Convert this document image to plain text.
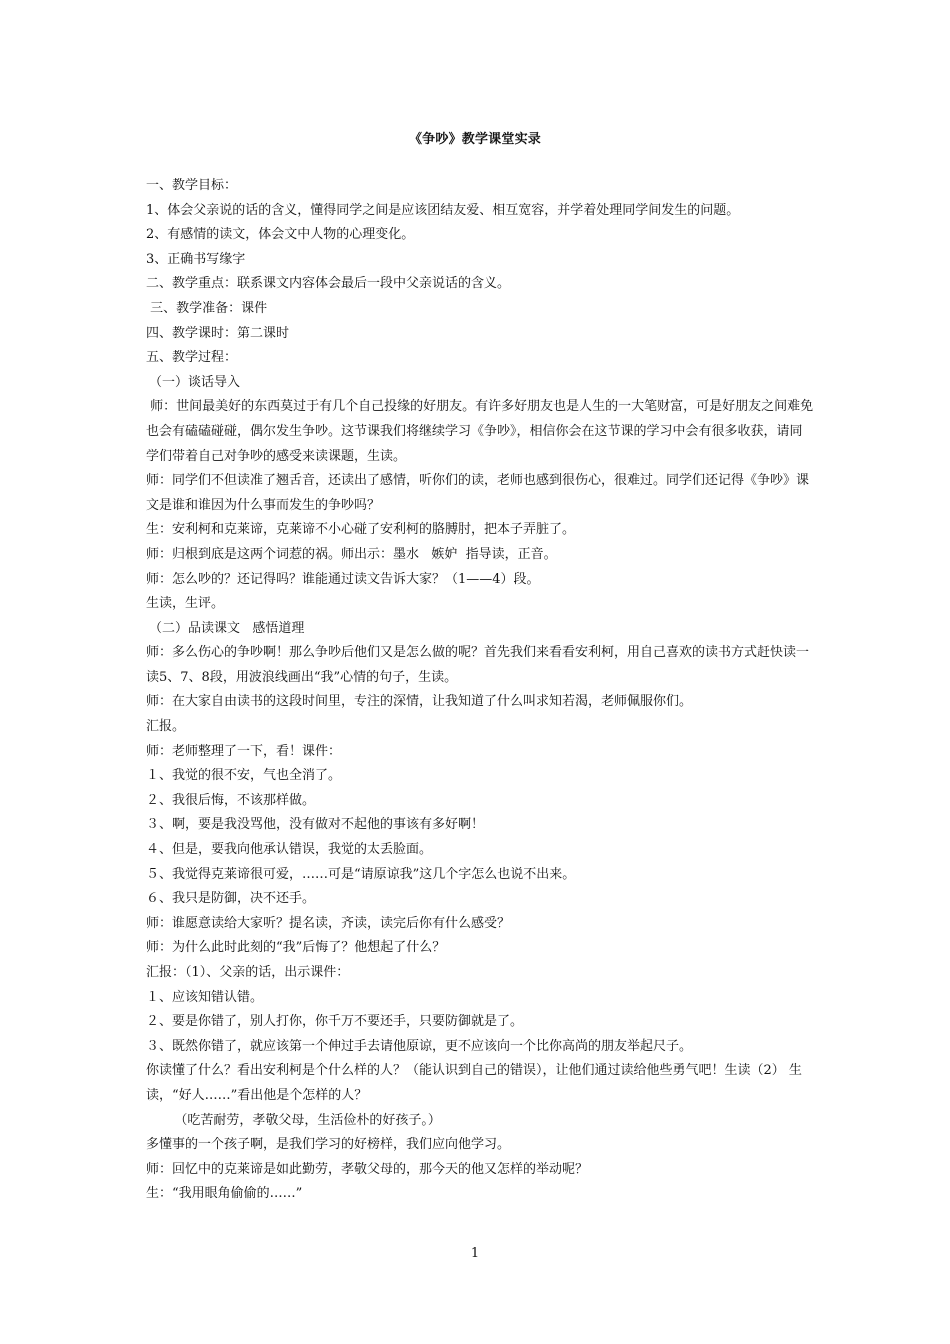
《争吵》教学课堂实录

一、教学目标：

1、体会父亲说的话的含义，懂得同学之间是应该团结友爱、相互宽容，并学着处理同学间发生的问题。

2、有感情的读文，体会文中人物的心理变化。

3、正确书写缘字

二、教学重点：联系课文内容体会最后一段中父亲说话的含义。

三、教学准备：课件

四、教学课时：第二课时

五、教学过程：

（一）谈话导入

师：世间最美好的东西莫过于有几个自己投缘的好朋友。有许多好朋友也是人生的一大笔财富，可是好朋友之间难免也会有磕磕碰碰，偶尔发生争吵。这节课我们将继续学习《争吵》，相信你会在这节课的学习中会有很多收获，请同学们带着自己对争吵的感受来读课题，生读。

师：同学们不但读准了翘舌音，还读出了感情，听你们的读，老师也感到很伤心，很难过。同学们还记得《争吵》课文是谁和谁因为什么事而发生的争吵吗？

生：安利柯和克莱谛，克莱谛不小心碰了安利柯的胳膊肘，把本子弄脏了。

师：归根到底是这两个词惹的祸。师出示：墨水   嫉妒  指导读，正音。

师：怎么吵的？还记得吗？谁能通过读文告诉大家？（1——4）段。

生读，生评。

（二）品读课文   感悟道理

师：多么伤心的争吵啊！那么争吵后他们又是怎么做的呢？首先我们来看看安利柯，用自己喜欢的读书方式赶快读一读5、7、8段，用波浪线画出“我”心情的句子，生读。

师：在大家自由读书的这段时间里，专注的深情，让我知道了什么叫求知若渴，老师佩服你们。

汇报。

师：老师整理了一下，看！课件：

１、我觉的很不安，气也全消了。

２、我很后悔，不该那样做。

３、啊，要是我没骂他，没有做对不起他的事该有多好啊！

４、但是，要我向他承认错误，我觉的太丢脸面。

５、我觉得克莱谛很可爱，……可是“请原谅我”这几个字怎么也说不出来。

６、我只是防御，决不还手。

师：谁愿意读给大家听？提名读，齐读，读完后你有什么感受？

师：为什么此时此刻的“我”后悔了？他想起了什么？

汇报：（1）、父亲的话，出示课件：

１、应该知错认错。

２、要是你错了，别人打你，你千万不要还手，只要防御就是了。

３、既然你错了，就应该第一个伸过手去请他原谅，更不应该向一个比你高尚的朋友举起尺子。

你读懂了什么？看出安利柯是个什么样的人？（能认识到自己的错误），让他们通过读给他些勇气吧！生读（2） 生读，“好人……”看出他是个怎样的人？

（吃苦耐劳，孝敬父母，生活俭朴的好孩子。）

多懂事的一个孩子啊，是我们学习的好榜样，我们应向他学习。

师：回忆中的克莱谛是如此勤劳，孝敬父母的，那今天的他又怎样的举动呢？

生：“我用眼角偷偷的……”

1
